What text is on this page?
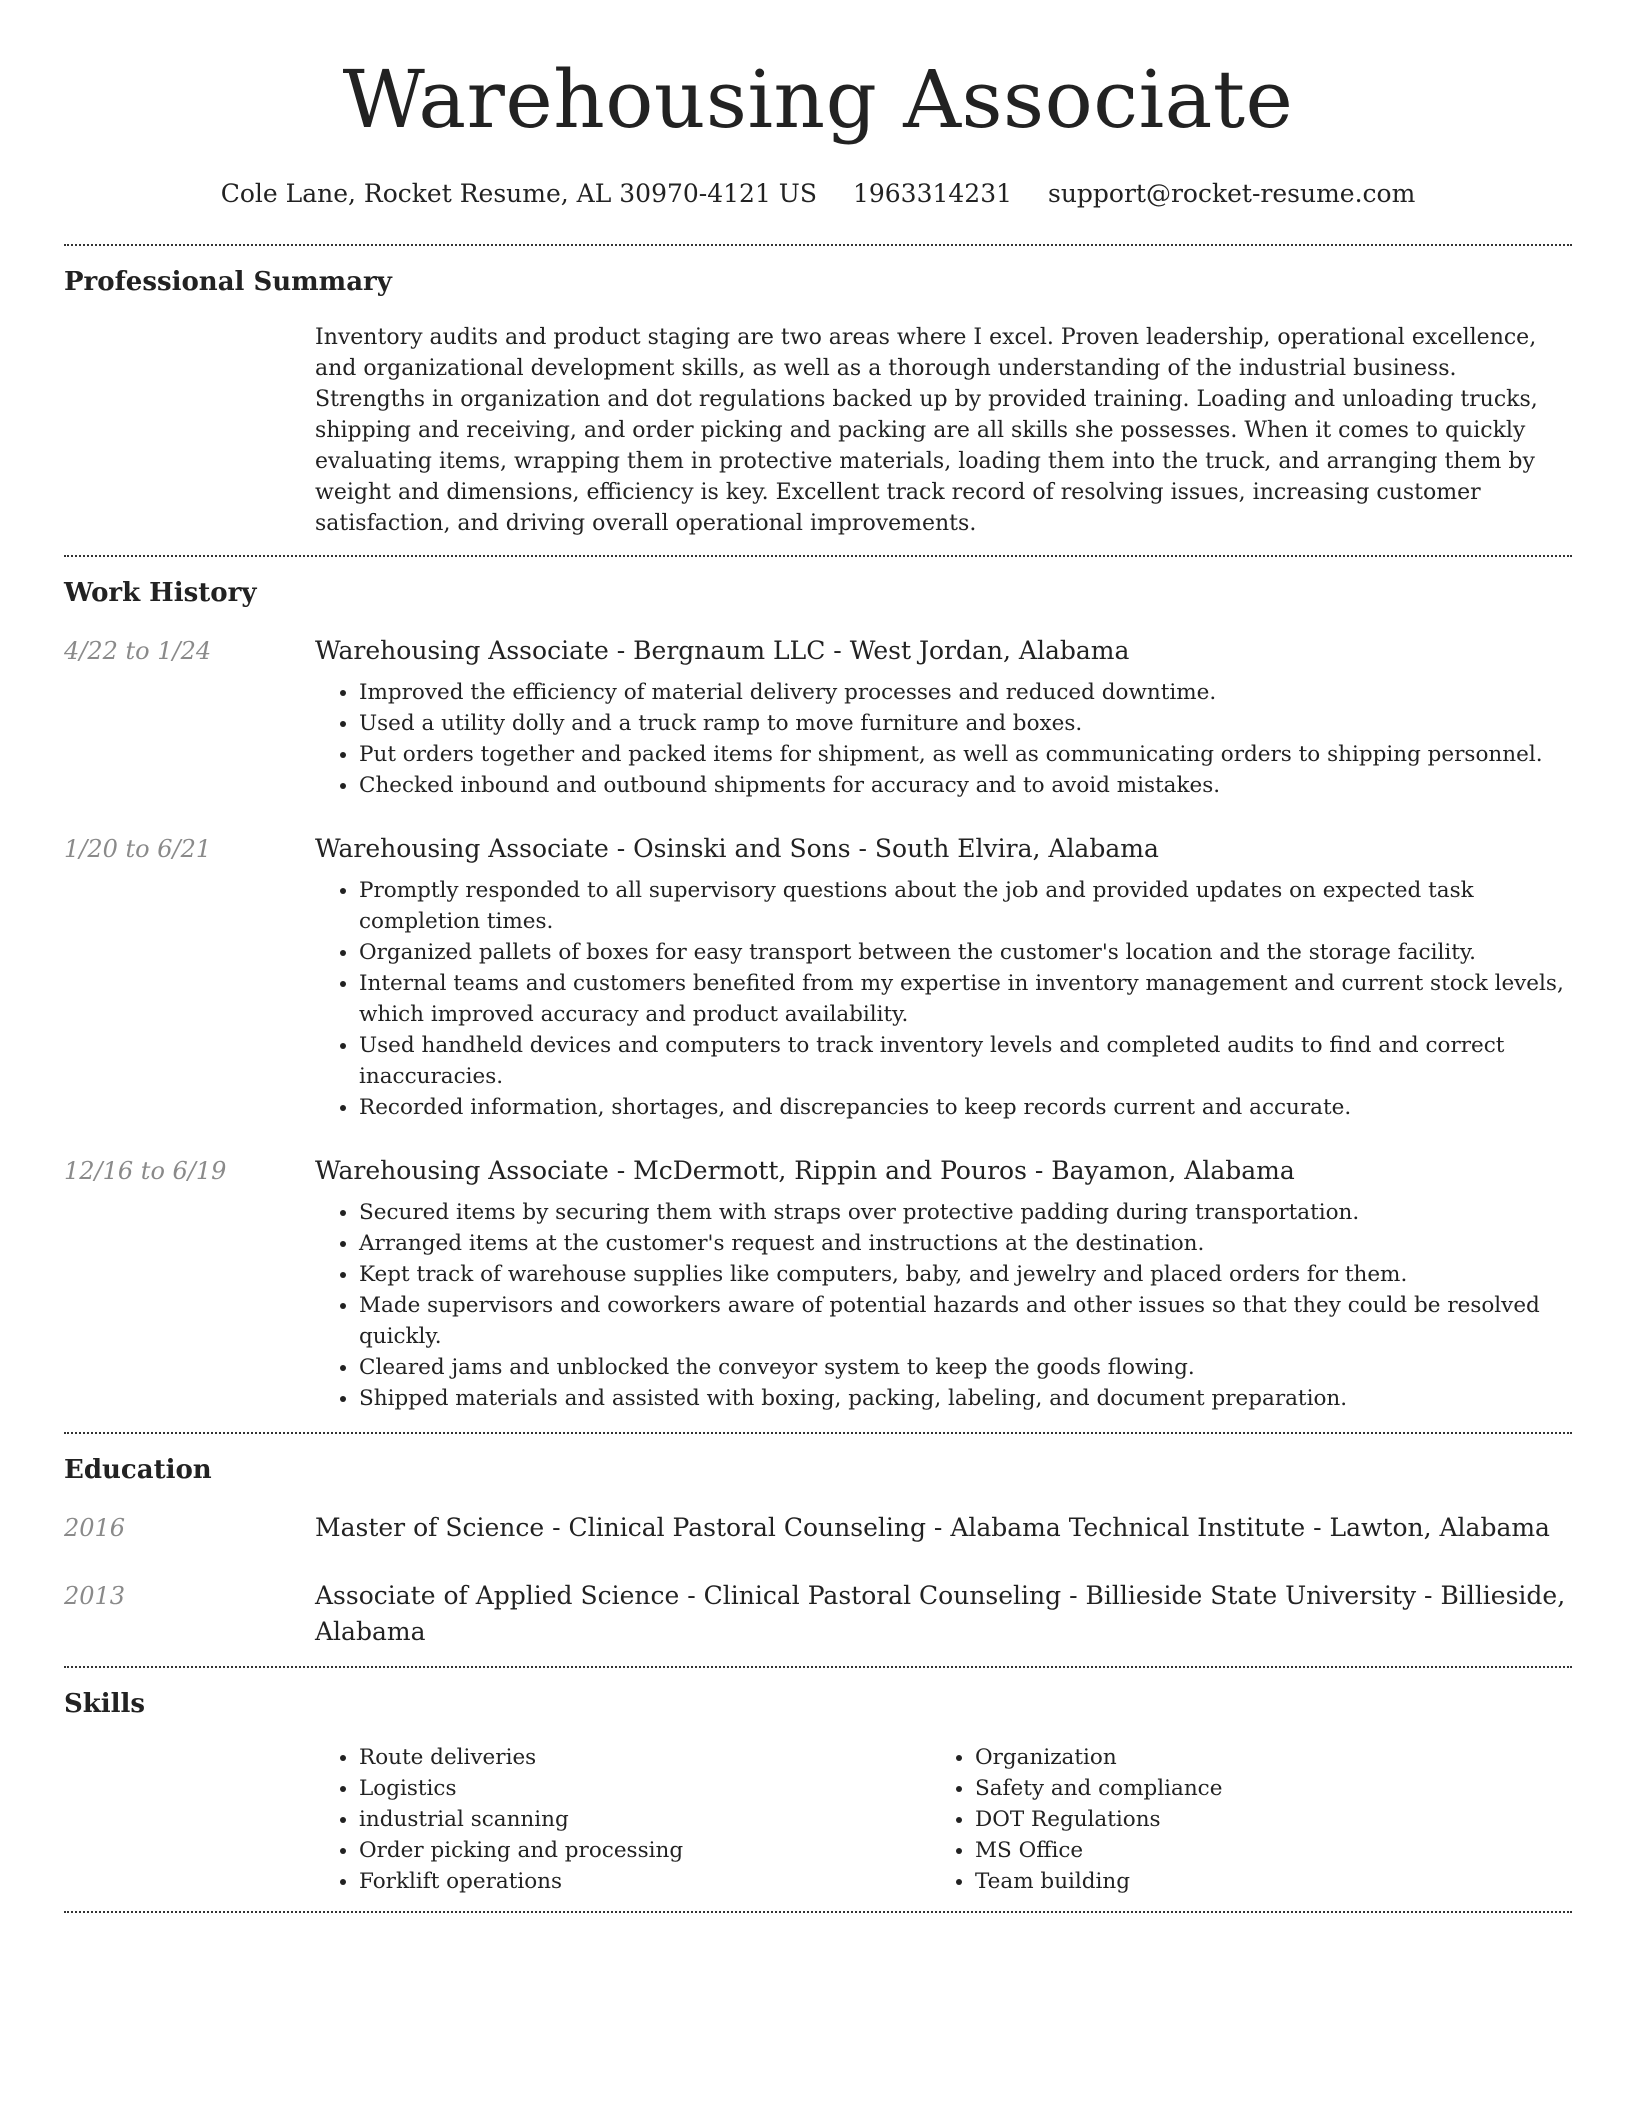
Warehousing Associate
Cole Lane, Rocket Resume, AL 30970-4121 US 1963314231 support@rocket-resume.com
Professional Summary
Inventory audits and product staging are two areas where I excel. Proven leadership, operational excellence, and organizational development skills, as well as a thorough understanding of the industrial business. Strengths in organization and dot regulations backed up by provided training. Loading and unloading trucks, shipping and receiving, and order picking and packing are all skills she possesses. When it comes to quickly evaluating items, wrapping them in protective materials, loading them into the truck, and arranging them by weight and dimensions, efficiency is key. Excellent track record of resolving issues, increasing customer satisfaction, and driving overall operational improvements.
Work History
4/22 to 1/24	Warehousing Associate - Bergnaum LLC - West Jordan, Alabama
• Improved the efficiency of material delivery processes and reduced downtime.
• Used a utility dolly and a truck ramp to move furniture and boxes.
• Put orders together and packed items for shipment, as well as communicating orders to shipping personnel.
• Checked inbound and outbound shipments for accuracy and to avoid mistakes.
1/20 to 6/21	Warehousing Associate - Osinski and Sons - South Elvira, Alabama
• Promptly responded to all supervisory questions about the job and provided updates on expected task completion times.
• Organized pallets of boxes for easy transport between the customer's location and the storage facility.
• Internal teams and customers benefited from my expertise in inventory management and current stock levels, which improved accuracy and product availability.
• Used handheld devices and computers to track inventory levels and completed audits to find and correct inaccuracies.
• Recorded information, shortages, and discrepancies to keep records current and accurate.
12/16 to 6/19	Warehousing Associate - McDermott, Rippin and Pouros - Bayamon, Alabama
• Secured items by securing them with straps over protective padding during transportation.
• Arranged items at the customer's request and instructions at the destination.
• Kept track of warehouse supplies like computers, baby, and jewelry and placed orders for them.
• Made supervisors and coworkers aware of potential hazards and other issues so that they could be resolved quickly.
• Cleared jams and unblocked the conveyor system to keep the goods flowing.
• Shipped materials and assisted with boxing, packing, labeling, and document preparation.
Education
2016	Master of Science - Clinical Pastoral Counseling - Alabama Technical Institute - Lawton, Alabama
2013	Associate of Applied Science - Clinical Pastoral Counseling - Billieside State University - Billieside, Alabama
Skills
• Route deliveries
• Logistics
• industrial scanning
• Order picking and processing
• Forklift operations
• Organization
• Safety and compliance
• DOT Regulations
• MS Office
• Team building
